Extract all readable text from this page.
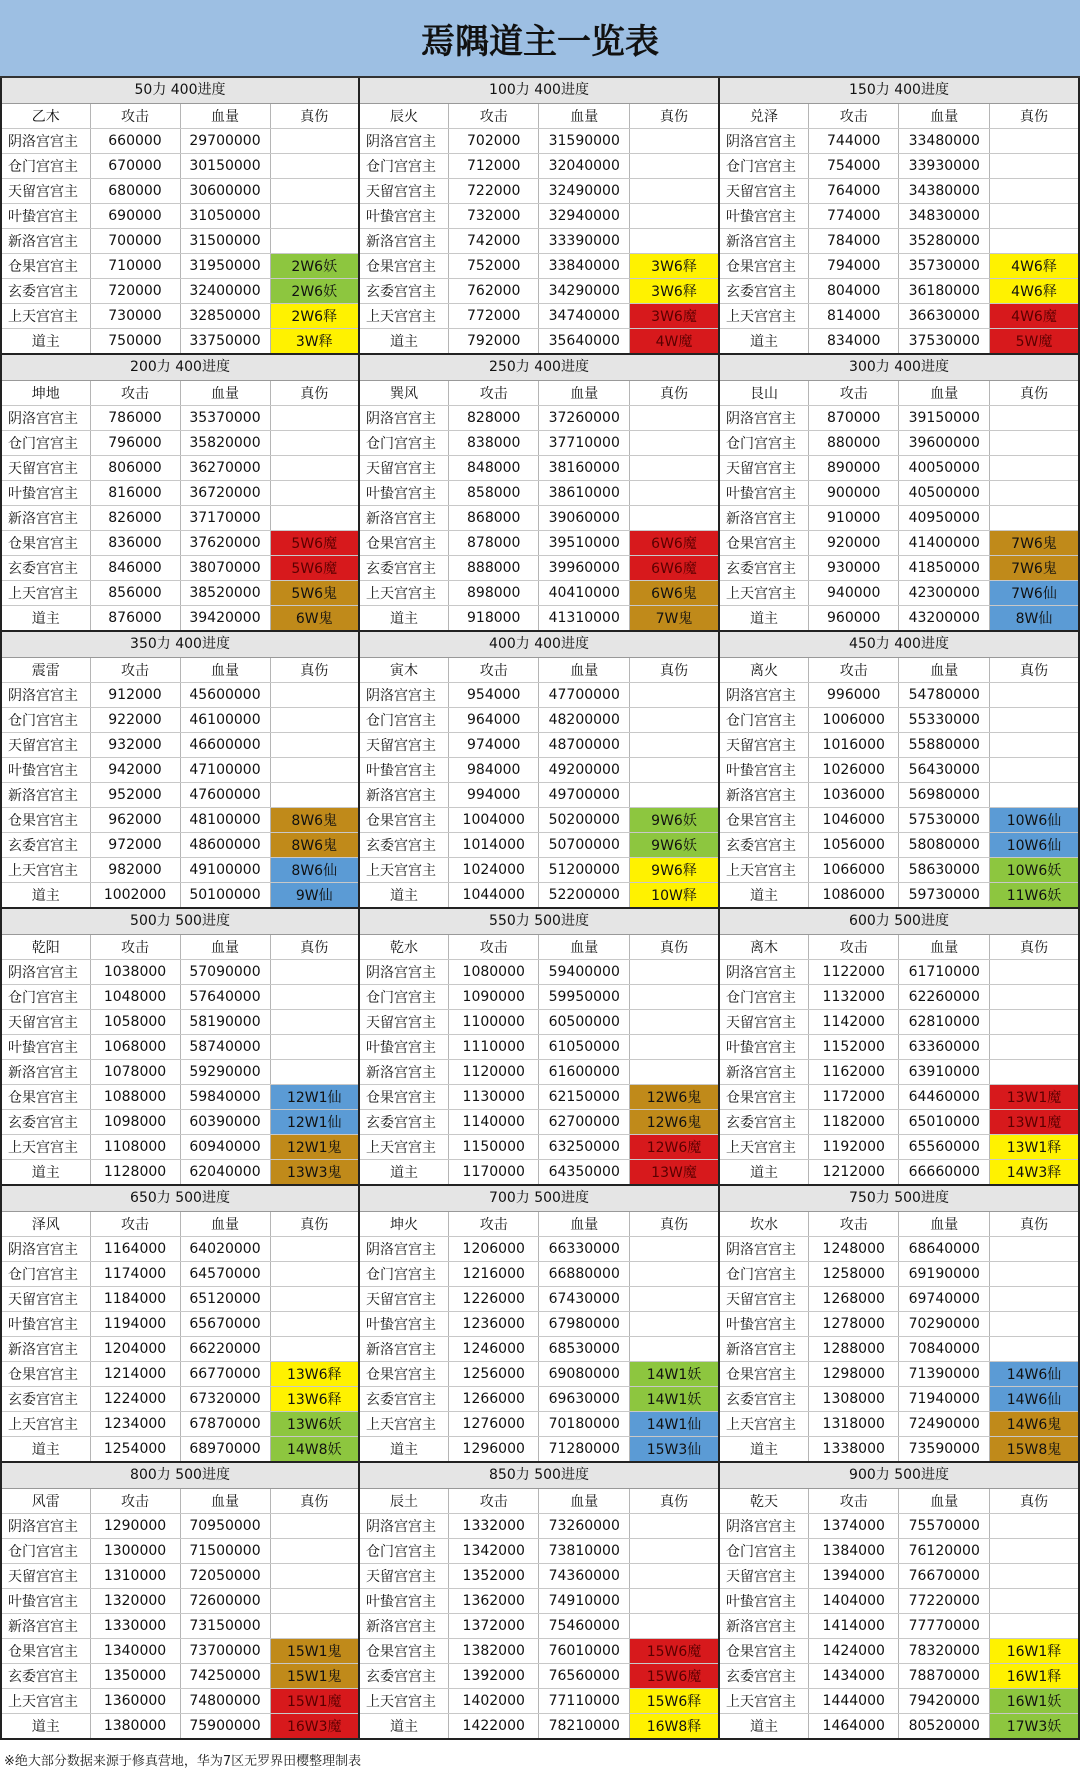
焉隅道主一览表
50力 400进度
乙木	攻击	血量	真伤
阴洛宫宫主	660000	29700000	
仓门宫宫主	670000	30150000	
天留宫宫主	680000	30600000	
叶蛰宫宫主	690000	31050000	
新洛宫宫主	700000	31500000	
仓果宫宫主	710000	31950000	2W6妖
玄委宫宫主	720000	32400000	2W6妖
上天宫宫主	730000	32850000	2W6释
道主	750000	33750000	3W释
100力 400进度
辰火	攻击	血量	真伤
阴洛宫宫主	702000	31590000	
仓门宫宫主	712000	32040000	
天留宫宫主	722000	32490000	
叶蛰宫宫主	732000	32940000	
新洛宫宫主	742000	33390000	
仓果宫宫主	752000	33840000	3W6释
玄委宫宫主	762000	34290000	3W6释
上天宫宫主	772000	34740000	3W6魔
道主	792000	35640000	4W魔
150力 400进度
兑泽	攻击	血量	真伤
阴洛宫宫主	744000	33480000	
仓门宫宫主	754000	33930000	
天留宫宫主	764000	34380000	
叶蛰宫宫主	774000	34830000	
新洛宫宫主	784000	35280000	
仓果宫宫主	794000	35730000	4W6释
玄委宫宫主	804000	36180000	4W6释
上天宫宫主	814000	36630000	4W6魔
道主	834000	37530000	5W魔
200力 400进度
坤地	攻击	血量	真伤
阴洛宫宫主	786000	35370000	
仓门宫宫主	796000	35820000	
天留宫宫主	806000	36270000	
叶蛰宫宫主	816000	36720000	
新洛宫宫主	826000	37170000	
仓果宫宫主	836000	37620000	5W6魔
玄委宫宫主	846000	38070000	5W6魔
上天宫宫主	856000	38520000	5W6鬼
道主	876000	39420000	6W鬼
250力 400进度
巽风	攻击	血量	真伤
阴洛宫宫主	828000	37260000	
仓门宫宫主	838000	37710000	
天留宫宫主	848000	38160000	
叶蛰宫宫主	858000	38610000	
新洛宫宫主	868000	39060000	
仓果宫宫主	878000	39510000	6W6魔
玄委宫宫主	888000	39960000	6W6魔
上天宫宫主	898000	40410000	6W6鬼
道主	918000	41310000	7W鬼
300力 400进度
艮山	攻击	血量	真伤
阴洛宫宫主	870000	39150000	
仓门宫宫主	880000	39600000	
天留宫宫主	890000	40050000	
叶蛰宫宫主	900000	40500000	
新洛宫宫主	910000	40950000	
仓果宫宫主	920000	41400000	7W6鬼
玄委宫宫主	930000	41850000	7W6鬼
上天宫宫主	940000	42300000	7W6仙
道主	960000	43200000	8W仙
350力 400进度
震雷	攻击	血量	真伤
阴洛宫宫主	912000	45600000	
仓门宫宫主	922000	46100000	
天留宫宫主	932000	46600000	
叶蛰宫宫主	942000	47100000	
新洛宫宫主	952000	47600000	
仓果宫宫主	962000	48100000	8W6鬼
玄委宫宫主	972000	48600000	8W6鬼
上天宫宫主	982000	49100000	8W6仙
道主	1002000	50100000	9W仙
400力 400进度
寅木	攻击	血量	真伤
阴洛宫宫主	954000	47700000	
仓门宫宫主	964000	48200000	
天留宫宫主	974000	48700000	
叶蛰宫宫主	984000	49200000	
新洛宫宫主	994000	49700000	
仓果宫宫主	1004000	50200000	9W6妖
玄委宫宫主	1014000	50700000	9W6妖
上天宫宫主	1024000	51200000	9W6释
道主	1044000	52200000	10W释
450力 400进度
离火	攻击	血量	真伤
阴洛宫宫主	996000	54780000	
仓门宫宫主	1006000	55330000	
天留宫宫主	1016000	55880000	
叶蛰宫宫主	1026000	56430000	
新洛宫宫主	1036000	56980000	
仓果宫宫主	1046000	57530000	10W6仙
玄委宫宫主	1056000	58080000	10W6仙
上天宫宫主	1066000	58630000	10W6妖
道主	1086000	59730000	11W6妖
500力 500进度
乾阳	攻击	血量	真伤
阴洛宫宫主	1038000	57090000	
仓门宫宫主	1048000	57640000	
天留宫宫主	1058000	58190000	
叶蛰宫宫主	1068000	58740000	
新洛宫宫主	1078000	59290000	
仓果宫宫主	1088000	59840000	12W1仙
玄委宫宫主	1098000	60390000	12W1仙
上天宫宫主	1108000	60940000	12W1鬼
道主	1128000	62040000	13W3鬼
550力 500进度
乾水	攻击	血量	真伤
阴洛宫宫主	1080000	59400000	
仓门宫宫主	1090000	59950000	
天留宫宫主	1100000	60500000	
叶蛰宫宫主	1110000	61050000	
新洛宫宫主	1120000	61600000	
仓果宫宫主	1130000	62150000	12W6鬼
玄委宫宫主	1140000	62700000	12W6鬼
上天宫宫主	1150000	63250000	12W6魔
道主	1170000	64350000	13W魔
600力 500进度
离木	攻击	血量	真伤
阴洛宫宫主	1122000	61710000	
仓门宫宫主	1132000	62260000	
天留宫宫主	1142000	62810000	
叶蛰宫宫主	1152000	63360000	
新洛宫宫主	1162000	63910000	
仓果宫宫主	1172000	64460000	13W1魔
玄委宫宫主	1182000	65010000	13W1魔
上天宫宫主	1192000	65560000	13W1释
道主	1212000	66660000	14W3释
650力 500进度
泽风	攻击	血量	真伤
阴洛宫宫主	1164000	64020000	
仓门宫宫主	1174000	64570000	
天留宫宫主	1184000	65120000	
叶蛰宫宫主	1194000	65670000	
新洛宫宫主	1204000	66220000	
仓果宫宫主	1214000	66770000	13W6释
玄委宫宫主	1224000	67320000	13W6释
上天宫宫主	1234000	67870000	13W6妖
道主	1254000	68970000	14W8妖
700力 500进度
坤火	攻击	血量	真伤
阴洛宫宫主	1206000	66330000	
仓门宫宫主	1216000	66880000	
天留宫宫主	1226000	67430000	
叶蛰宫宫主	1236000	67980000	
新洛宫宫主	1246000	68530000	
仓果宫宫主	1256000	69080000	14W1妖
玄委宫宫主	1266000	69630000	14W1妖
上天宫宫主	1276000	70180000	14W1仙
道主	1296000	71280000	15W3仙
750力 500进度
坎水	攻击	血量	真伤
阴洛宫宫主	1248000	68640000	
仓门宫宫主	1258000	69190000	
天留宫宫主	1268000	69740000	
叶蛰宫宫主	1278000	70290000	
新洛宫宫主	1288000	70840000	
仓果宫宫主	1298000	71390000	14W6仙
玄委宫宫主	1308000	71940000	14W6仙
上天宫宫主	1318000	72490000	14W6鬼
道主	1338000	73590000	15W8鬼
800力 500进度
风雷	攻击	血量	真伤
阴洛宫宫主	1290000	70950000	
仓门宫宫主	1300000	71500000	
天留宫宫主	1310000	72050000	
叶蛰宫宫主	1320000	72600000	
新洛宫宫主	1330000	73150000	
仓果宫宫主	1340000	73700000	15W1鬼
玄委宫宫主	1350000	74250000	15W1鬼
上天宫宫主	1360000	74800000	15W1魔
道主	1380000	75900000	16W3魔
850力 500进度
辰土	攻击	血量	真伤
阴洛宫宫主	1332000	73260000	
仓门宫宫主	1342000	73810000	
天留宫宫主	1352000	74360000	
叶蛰宫宫主	1362000	74910000	
新洛宫宫主	1372000	75460000	
仓果宫宫主	1382000	76010000	15W6魔
玄委宫宫主	1392000	76560000	15W6魔
上天宫宫主	1402000	77110000	15W6释
道主	1422000	78210000	16W8释
900力 500进度
乾天	攻击	血量	真伤
阴洛宫宫主	1374000	75570000	
仓门宫宫主	1384000	76120000	
天留宫宫主	1394000	76670000	
叶蛰宫宫主	1404000	77220000	
新洛宫宫主	1414000	77770000	
仓果宫宫主	1424000	78320000	16W1释
玄委宫宫主	1434000	78870000	16W1释
上天宫宫主	1444000	79420000	16W1妖
道主	1464000	80520000	17W3妖
※绝大部分数据来源于修真营地，华为7区无罗界田樱整理制表
